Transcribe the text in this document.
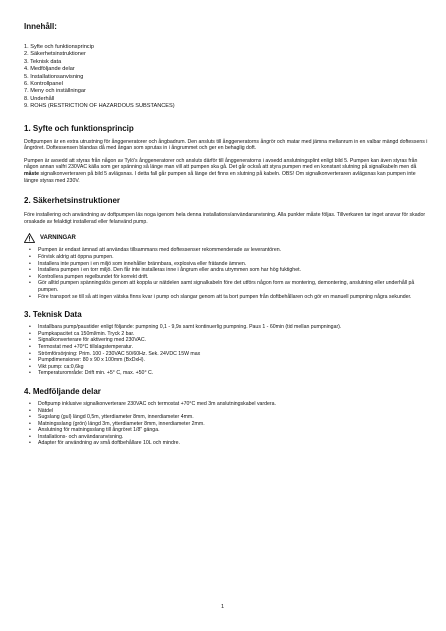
Innehåll:
1. Syfte och funktionsprincip
2. Säkerhetsinstruktioner
3. Teknisk data
4. Medföljande delar
5. Installationsanvisning
6. Kontrollpanel
7. Meny och inställningar
8. Underhåll
9. ROHS (RESTRICTION OF HAZARDOUS SUBSTANCES)
1. Syfte och funktionsprincip

Doftpumpen är en extra utrustning för ånggeneratorer och ångbadrum. Den ansluts till ånggeneratorns ångrör och matar med jämna mellanrum in en valbar mängd doftessens i ångröret. Doftessensen blandas då med ångan som sprutas in i ångrummet och ger en behaglig doft.

Pumpen är avsedd att styras från någon av Tylö's ånggeneratorer och ansluts därför till ånggeneratorns i avsedd anslutningsplint enligt bild 5. Pumpen kan även styras från någon annan valfri 230VAC källa som ger spänning så länge man vill att pumpen ska gå. Det går också att styra pumpen med en konstant slutning på signalkabeln men då måste signalkonverteraren på bild 5 avlägsnas. I detta fall går pumpen så länge det finns en slutning på kabeln. OBS! Om signalkonverteraren avlägsnas kan pumpen inte längre styras med 230V.

2. Säkerhetsinstruktioner

Före installering och användning av doftpumpen läs noga igenom hela denna installations/användaranvisning. Alla punkter måste följas. Tillverkaren tar inget ansvar för skador orsakade av felaktigt installerad eller felanvänd pump.

VARNINGAR
• Pumpen är endast ämnad att användas tillsammans med doftessenser rekommenderade av leverantören.
• Förvisk aldrig att öppna pumpen.
• Installera inte pumpen i en miljö som innehåller brännbara, explosiva eller frätande ämnen.
• Installera pumpen i en torr miljö. Den får inte installeras inne i ångrum eller andra utrymmen som har hög fuktighet.
• Kontrollera pumpen regelbundet för korrekt drift.
• Gör alltid pumpen spänningslös genom att koppla ur nätdelen samt signalkabeln före det utförs någon form av montering, demontering, anslutning eller underhåll på pumpen.
• Före transport se till så att ingen vätska finns kvar i pump och slangar genom att ta bort pumpen från doftbehållaren och gör en manuell pumpning några sekunder.
3. Teknisk Data
• Installbara pump/paustider enligt följande: pumpning 0,1 - 9,9s samt kontinuerlig pumpning. Paus 1 - 60min (tid mellan pumpningar).
• Pumpkapacitet ca 150ml/min. Tryck 2 bar.
• Signalkonverterare för aktivering med 230VAC.
• Termostat med +70°C tillslagstemperatur.
• Strömförsörjning: Prim. 100 - 230VAC 50/60Hz. Sek. 24VDC 15W max
• Pumpdimensioner: 80 x 90 x 100mm (BxDxH).
• Vikt pump: ca:0,6kg
• Temperaturområde: Drift min. +5° C, max. +50° C.
4. Medföljande delar
• Doftpump inklusive signalkonverterare 230VAC och termostat +70°C med 3m anslutningskabel vardera.
• Nätdel
• Sugslang (gul) längd 0,5m, ytterdiameter 8mm, innerdiameter 4mm.
• Matningsslang (grön) längd 3m, ytterdiameter 8mm, innerdiameter 2mm.
• Anslutning för matningsslang till ångröret 1/8" gänga.
• Installations- och användaranvisning.
• Adapter för användning av små doftbehållare 10L och mindre.
1
